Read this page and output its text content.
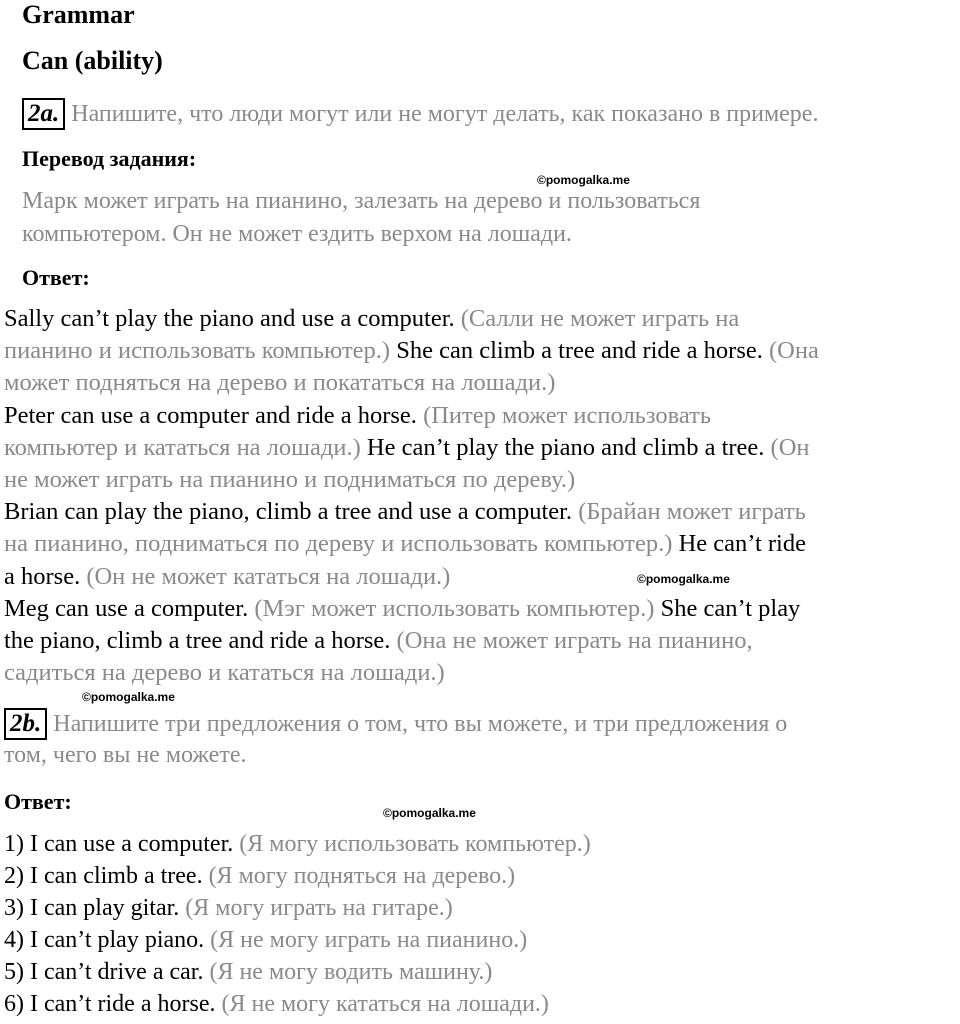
Grammar
Can (ability)
2a. Напишите, что люди могут или не могут делать, как показано в примере.
Перевод задания:
©pomogalka.me
Марк может играть на пианино, залезать на дерево и пользоваться
компьютером. Он не может ездить верхом на лошади.
Ответ:
Sally can’t play the piano and use a computer. (Салли не может играть на
пианино и использовать компьютер.) She can climb a tree and ride a horse. (Она
может подняться на дерево и покататься на лошади.)
Peter can use a computer and ride a horse. (Питер может использовать
компьютер и кататься на лошади.) He can’t play the piano and climb a tree. (Он
не может играть на пианино и подниматься по дереву.)
Brian can play the piano, climb a tree and use a computer. (Брайан может играть
на пианино, подниматься по дереву и использовать компьютер.) He can’t ride
a horse. (Он не может кататься на лошади.)
Meg can use a computer. (Мэг может использовать компьютер.) She can’t play
the piano, climb a tree and ride a horse. (Она не может играть на пианино,
садиться на дерево и кататься на лошади.)
©pomogalka.me
©pomogalka.me
2b. Напишите три предложения о том, что вы можете, и три предложения о
том, чего вы не можете.
Ответ:	©pomogalka.me
1) I can use a computer. (Я могу использовать компьютер.)
2) I can climb a tree. (Я могу подняться на дерево.)
3) I can play gitar. (Я могу играть на гитаре.)
4) I can’t play piano. (Я не могу играть на пианино.)
5) I can’t drive a car. (Я не могу водить машину.)
6) I can’t ride a horse. (Я не могу кататься на лошади.)
